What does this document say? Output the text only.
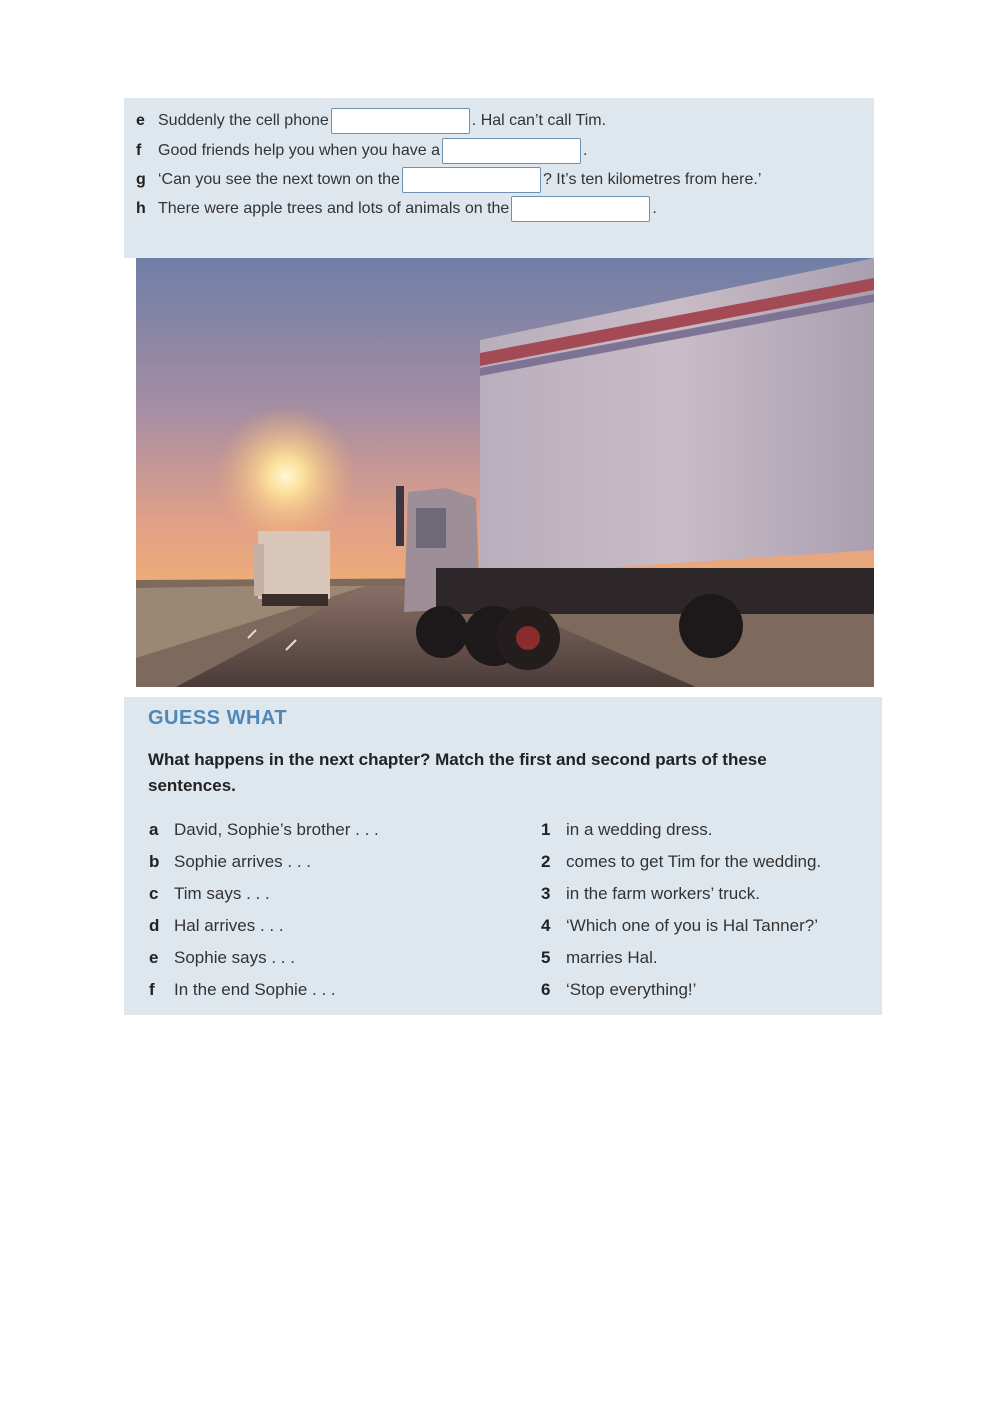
e Suddenly the cell phone	. Hal can’t call Tim.
f	Good friends help you when you have a	.
g ‘Can you see the next town on the	? It’s ten kilometres from here.’
h There were apple trees and lots of animals on the	.
GUESS WHAT
What happens in the next chapter? Match the first and second parts of these sentences.
a David, Sophie’s brother . . .
b Sophie arrives . . .
c Tim says . . .
d Hal arrives . . .
e Sophie says . . .
f	In the end Sophie . . .
1 in a wedding dress.
2 comes to get Tim for the wedding.
3 in the farm workers’ truck.
4 ‘Which one of you is Hal Tanner?’
5 marries Hal.
6 ‘Stop everything!’
